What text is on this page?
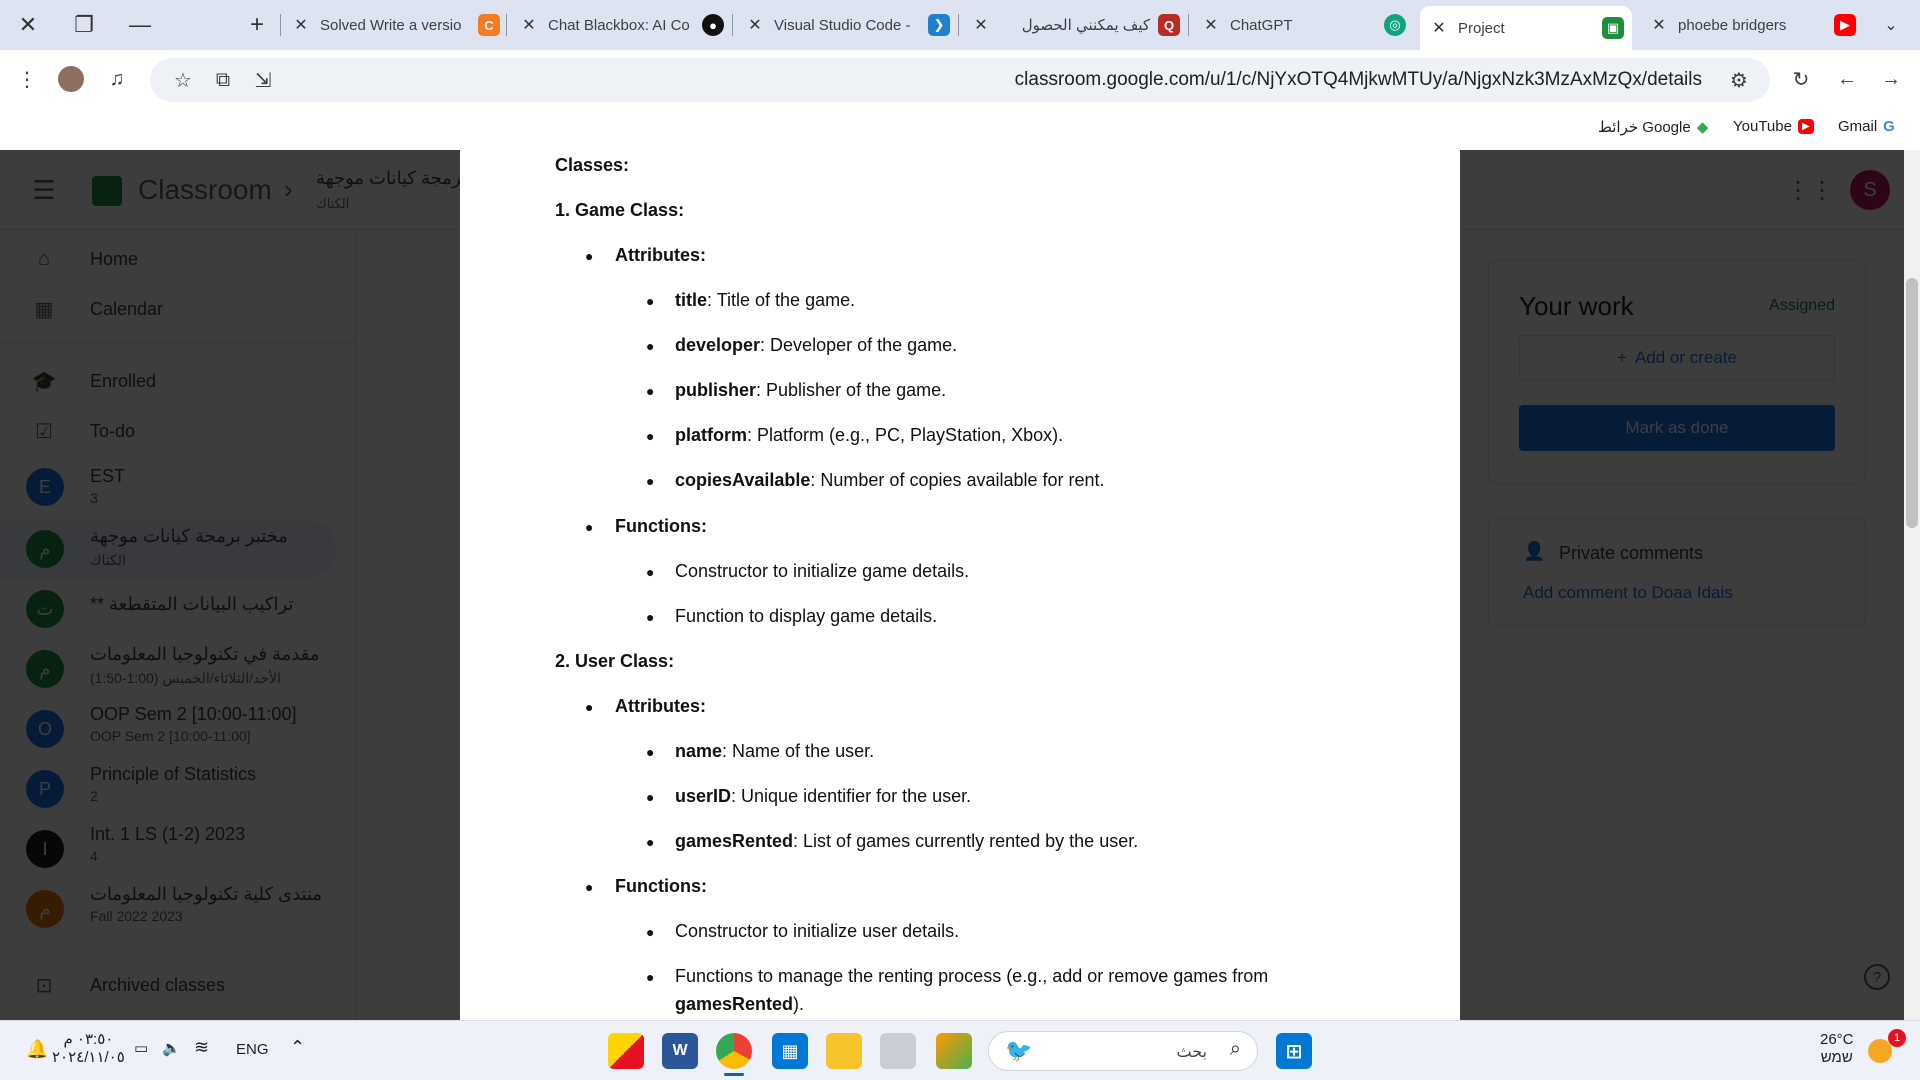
✕	❐	—	+	✕ Solved Write a versio	C	✕ Chat Blackbox: AI Co	●	✕ Visual Studio Code -	❯	✕	كيف يمكنني الحصول	Q	✕ ChatGPT	◎	✕ Project	▣	✕ phoebe bridgers	▶	⌄
⋮	♫	☆	⧉	⇲	classroom.google.com/u/1/c/NjYxOTQ4MjkwMTUy/a/NjgxNzk3MzAxMzQx/details	⚙	↻	←	→
Gmail G
YouTube	▶
خرائط Google ◆
Classes:
1. Game Class:
● Attributes:
● title: Title of the game.
● developer: Developer of the game.
● publisher: Publisher of the game.
● platform: Platform (e.g., PC, PlayStation, Xbox).
● copiesAvailable: Number of copies available for rent.
● Functions:
● Constructor to initialize game details.
● Function to display game details.
2. User Class:
● Attributes:
● name: Name of the user.
● userID: Unique identifier for the user.
● gamesRented: List of games currently rented by the user.
● Functions:
● Constructor to initialize user details.
● Functions to manage the renting process (e.g., add or remove games from
gamesRented).
🔔	٠٣:٥٠ م
٢٠٢٤/١١/٠٥
▭ 🔈 ≋ ENG ⌃	W	▦	🐦	بحث ⌕	⊞
26°C
שמש
1
